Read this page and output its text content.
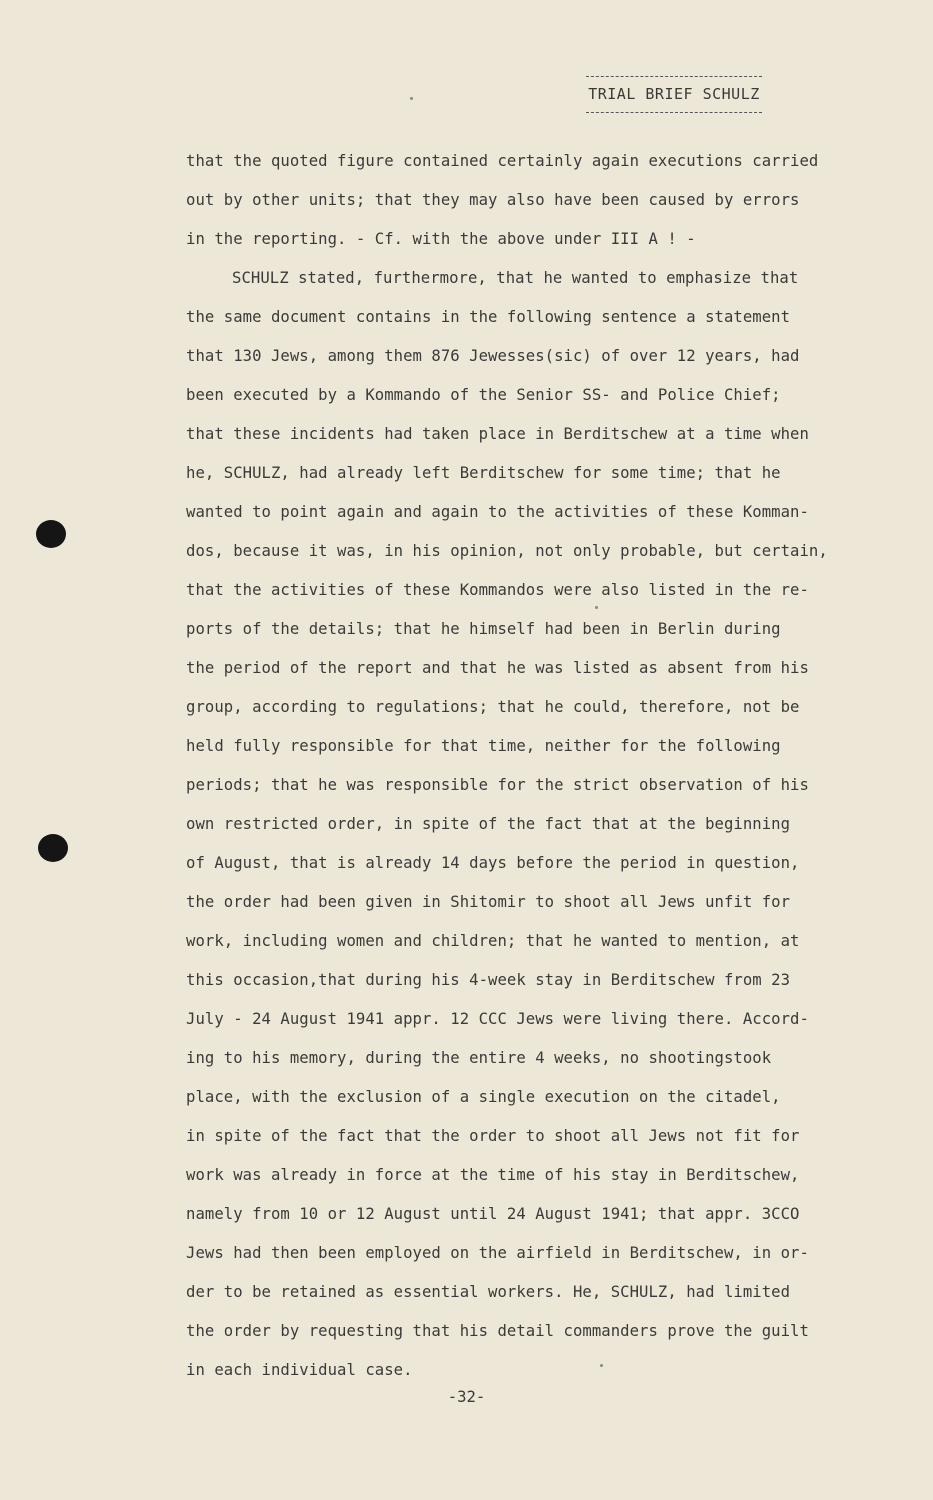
TRIAL BRIEF SCHULZ
that the quoted figure contained certainly again executions carried
out by other units; that they may also have been caused by errors
in the reporting. - Cf. with the above under III A ! -
SCHULZ stated, furthermore, that he wanted to emphasize that
the same document contains in the following sentence a statement
that 130 Jews, among them 876 Jewesses(sic) of over 12 years, had
been executed by a Kommando of the Senior SS- and Police Chief;
that these incidents had taken place in Berditschew at a time when
he, SCHULZ, had already left Berditschew for some time; that he
wanted to point again and again to the activities of these Komman-
dos, because it was, in his opinion, not only probable, but certain,
that the activities of these Kommandos were also listed in the re-
ports of the details; that he himself had been in Berlin during
the period of the report and that he was listed as absent from his
group, according to regulations; that he could, therefore, not be
held fully responsible for that time, neither for the following
periods; that he was responsible for the strict observation of his
own restricted order, in spite of the fact that at the beginning
of August, that is already 14 days before the period in question,
the order had been given in Shitomir to shoot all Jews unfit for
work, including women and children; that he wanted to mention, at
this occasion,that during his 4-week stay in Berditschew from 23
July - 24 August 1941 appr. 12 CCC Jews were living there. Accord-
ing to his memory, during the entire 4 weeks, no shootingstook
place, with the exclusion of a single execution on the citadel,
in spite of the fact that the order to shoot all Jews not fit for
work was already in force at the time of his stay in Berditschew,
namely from 10 or 12 August until 24 August 1941; that appr. 3CCO
Jews had then been employed on the airfield in Berditschew, in or-
der to be retained as essential workers. He, SCHULZ, had limited
the order by requesting that his detail commanders prove the guilt
in each individual case.
-32-
